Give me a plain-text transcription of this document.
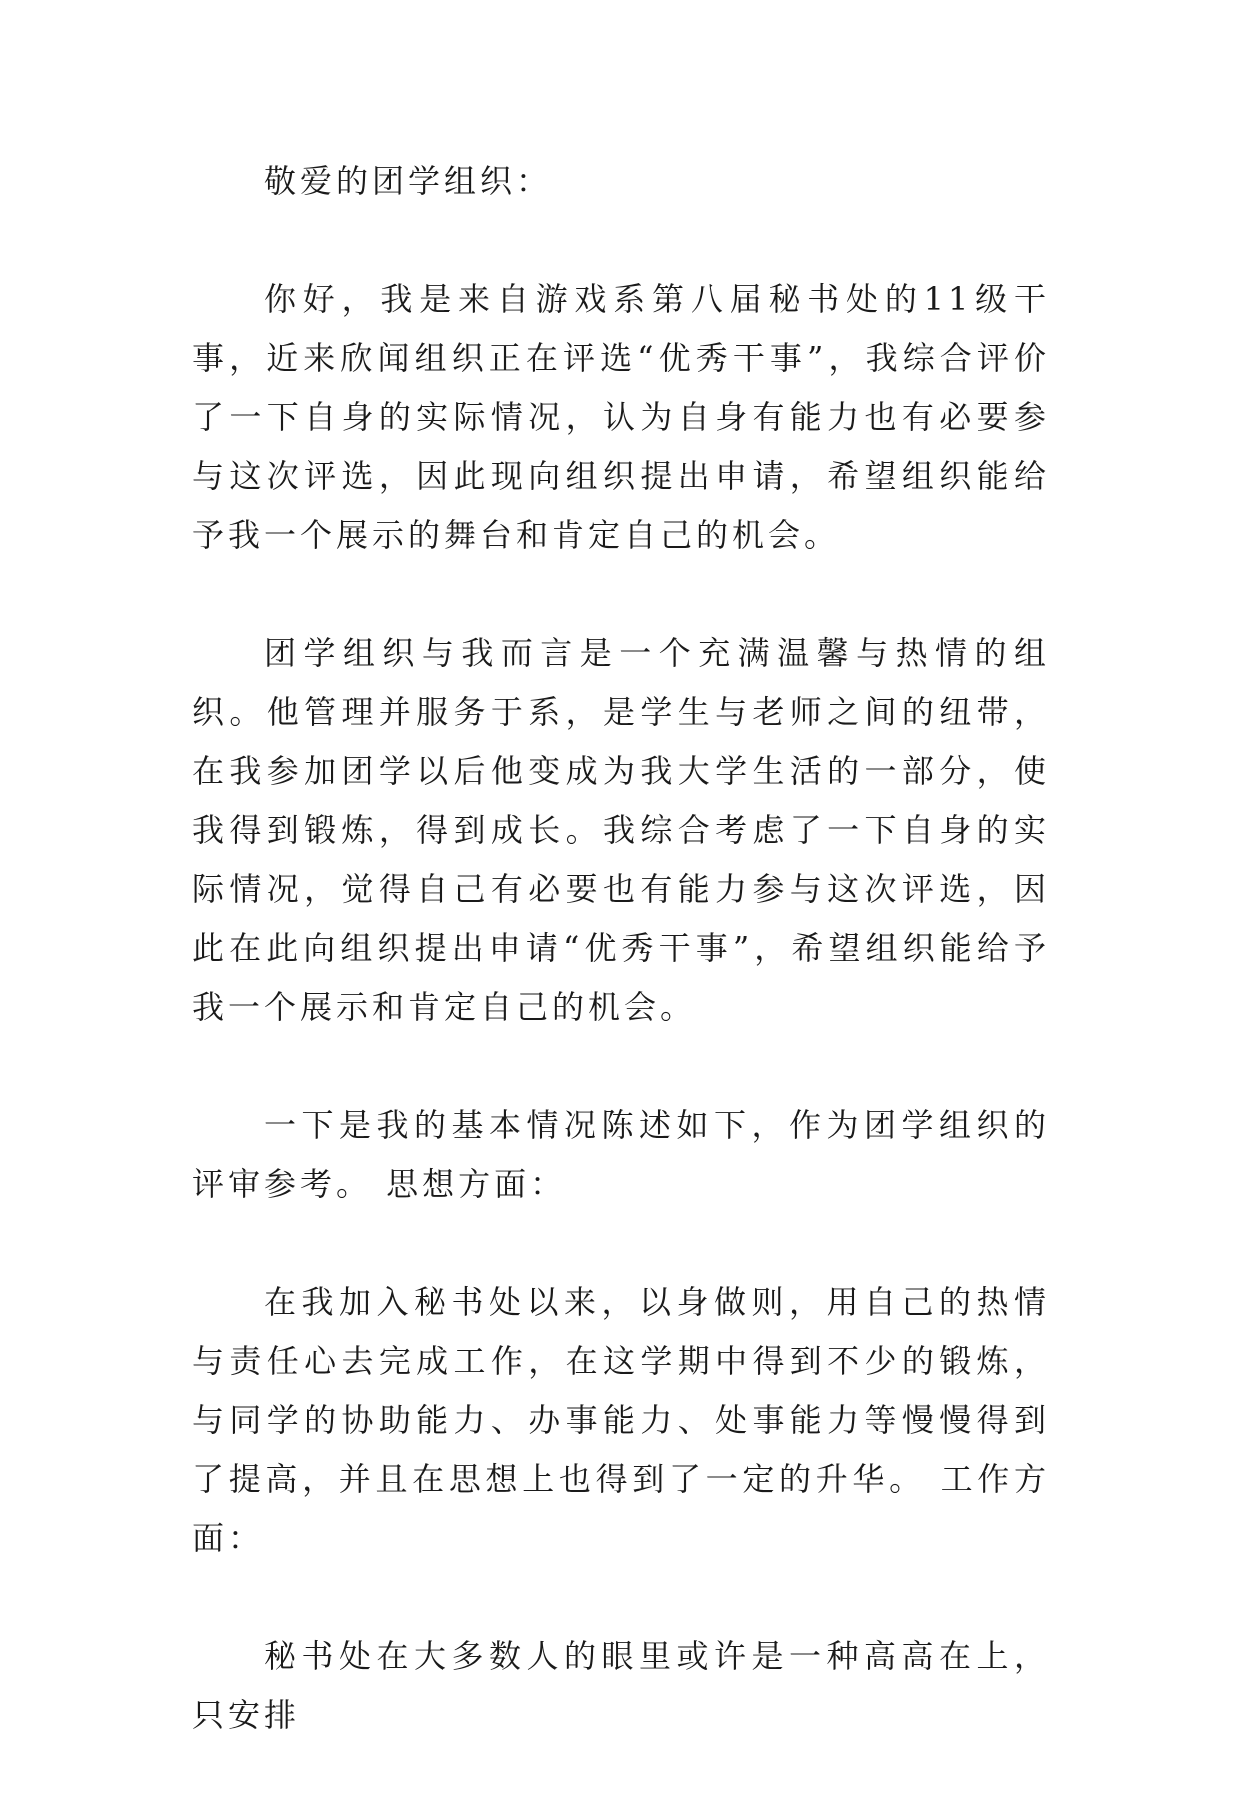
敬爱的团学组织：

你好，我是来自游戏系第八届秘书处的11级干事，近来欣闻组织正在评选“优秀干事”，我综合评价了一下自身的实际情况，认为自身有能力也有必要参与这次评选，因此现向组织提出申请，希望组织能给予我一个展示的舞台和肯定自己的机会。

团学组织与我而言是一个充满温馨与热情的组织。他管理并服务于系，是学生与老师之间的纽带，在我参加团学以后他变成为我大学生活的一部分，使我得到锻炼，得到成长。我综合考虑了一下自身的实际情况，觉得自己有必要也有能力参与这次评选，因此在此向组织提出申请“优秀干事”，希望组织能给予我一个展示和肯定自己的机会。

一下是我的基本情况陈述如下，作为团学组织的评审参考。 思想方面：

在我加入秘书处以来，以身做则，用自己的热情与责任心去完成工作，在这学期中得到不少的锻炼，与同学的协助能力、办事能力、处事能力等慢慢得到了提高，并且在思想上也得到了一定的升华。 工作方面：

秘书处在大多数人的眼里或许是一种高高在上，只安排
